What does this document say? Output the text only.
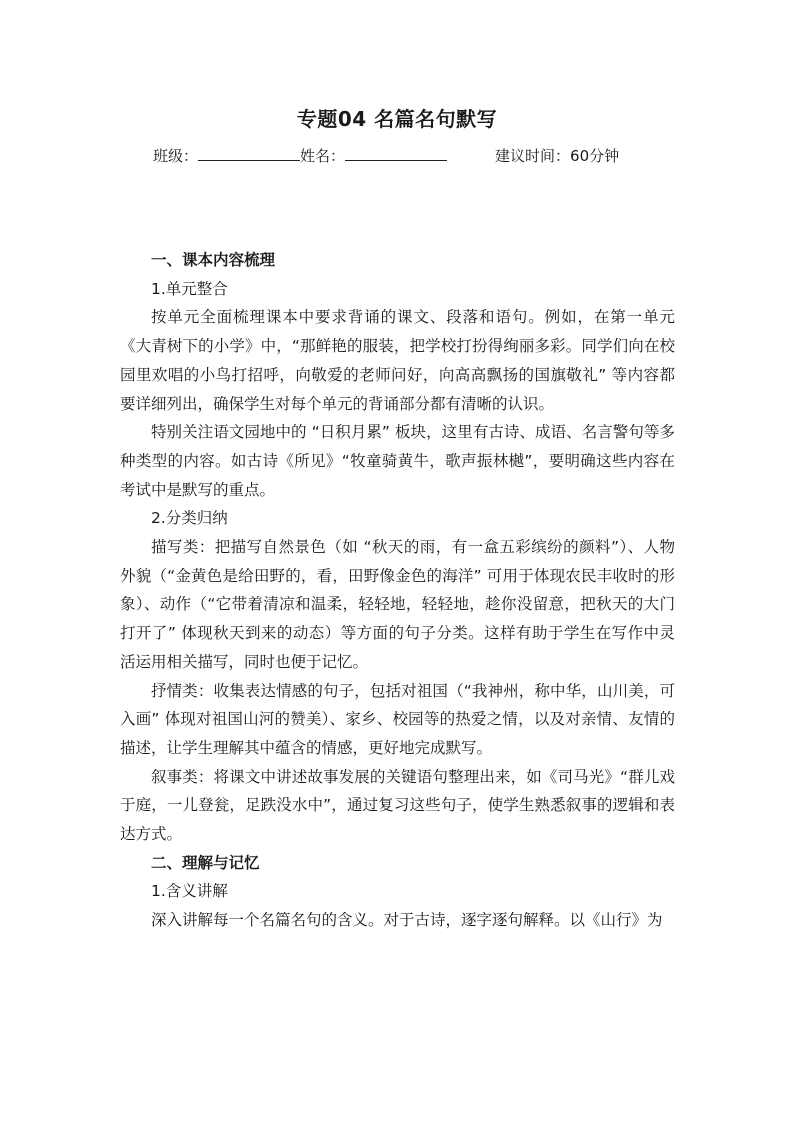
专题04 名篇名句默写
班级：	姓名：	建议时间：60分钟

一、课本内容梳理

1.单元整合

按单元全面梳理课本中要求背诵的课文、段落和语句。例如，在第一单元《大青树下的小学》中，“那鲜艳的服装，把学校打扮得绚丽多彩。同学们向在校园里欢唱的小鸟打招呼，向敬爱的老师问好，向高高飘扬的国旗敬礼” 等内容都要详细列出，确保学生对每个单元的背诵部分都有清晰的认识。

特别关注语文园地中的 “日积月累” 板块，这里有古诗、成语、名言警句等多种类型的内容。如古诗《所见》“牧童骑黄牛，歌声振林樾”，要明确这些内容在考试中是默写的重点。

2.分类归纳

描写类：把描写自然景色（如 “秋天的雨，有一盒五彩缤纷的颜料”）、人物外貌（“金黄色是给田野的，看，田野像金色的海洋” 可用于体现农民丰收时的形象）、动作（“它带着清凉和温柔，轻轻地，轻轻地，趁你没留意，把秋天的大门打开了” 体现秋天到来的动态）等方面的句子分类。这样有助于学生在写作中灵活运用相关描写，同时也便于记忆。

抒情类：收集表达情感的句子，包括对祖国（“我神州，称中华，山川美，可入画” 体现对祖国山河的赞美）、家乡、校园等的热爱之情，以及对亲情、友情的描述，让学生理解其中蕴含的情感，更好地完成默写。

叙事类：将课文中讲述故事发展的关键语句整理出来，如《司马光》“群儿戏于庭，一儿登瓮，足跌没水中”，通过复习这些句子，使学生熟悉叙事的逻辑和表达方式。

二、理解与记忆

1.含义讲解

深入讲解每一个名篇名句的含义。对于古诗，逐字逐句解释。以《山行》为
